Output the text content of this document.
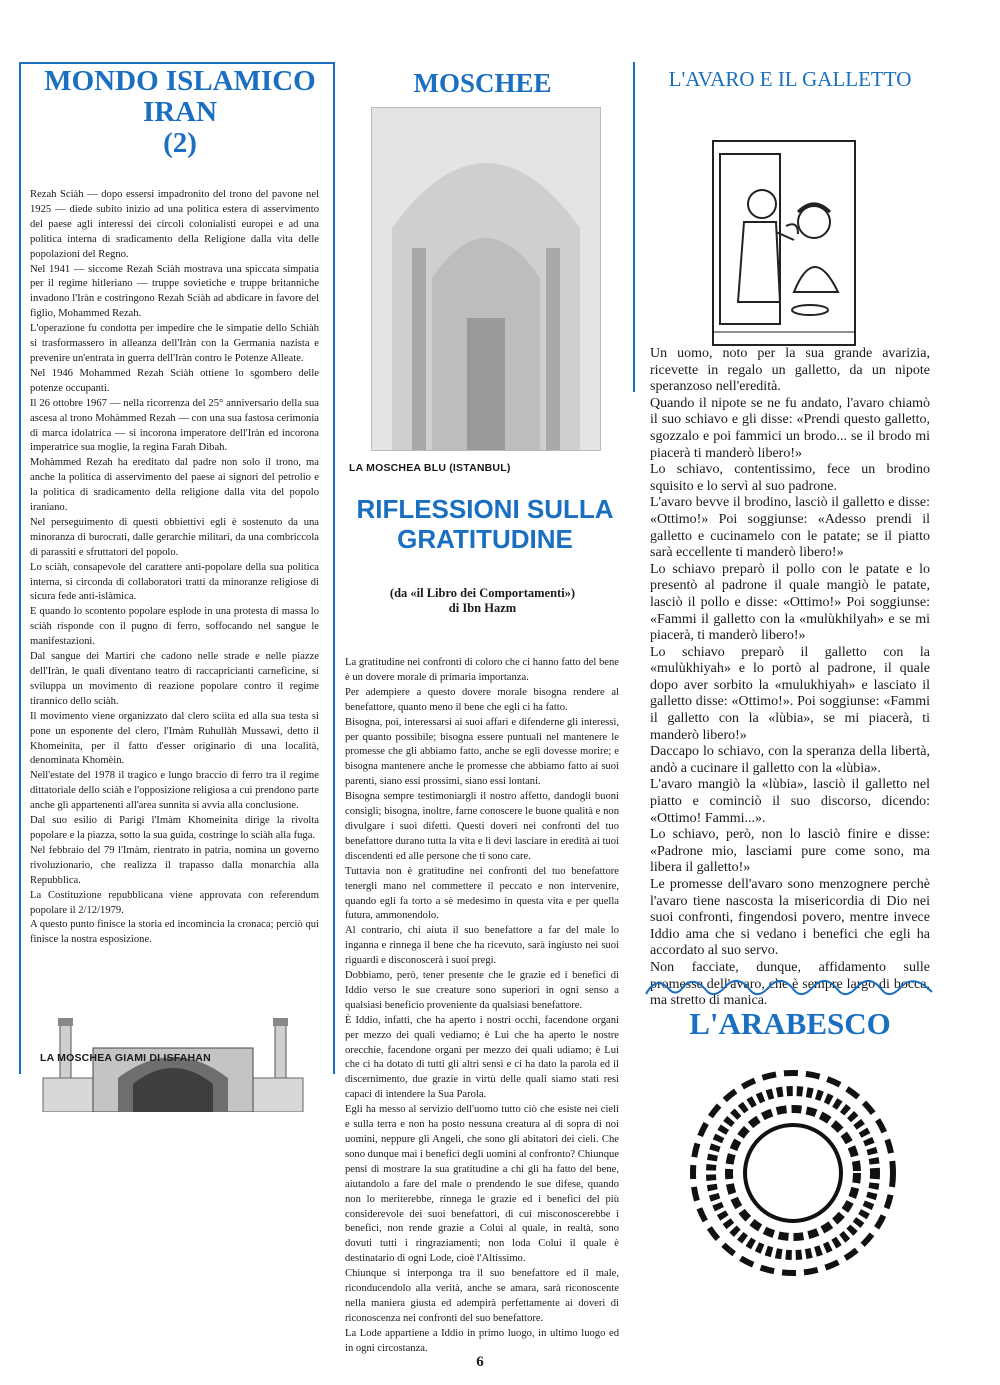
MONDO ISLAMICO
IRAN
(2)

Rezah Sciàh — dopo essersi impadronito del trono del pavone nel 1925 — diede subito inizio ad una politica estera di asservimento del paese agli interessi dei circoli colonialisti europei e ad una politica interna di sradicamento della Religione dalla vita delle popolazioni del Regno.

Nel 1941 — siccome Rezah Sciàh mostrava una spiccata simpatia per il regime hitleriano — truppe sovietiche e truppe britanniche invadono l'Iràn e costringono Rezah Sciàh ad abdicare in favore del figlio, Mohammed Rezah.

L'operazione fu condotta per impedire che le simpatie dello Schiàh si trasformassero in alleanza dell'Iràn con la Germania nazista e prevenire un'entrata in guerra dell'Iràn contro le Potenze Alleate.

Nel 1946 Mohammed Rezah Sciàh ottiene lo sgombero delle potenze occupanti.

Il 26 ottobre 1967 — nella ricorrenza del 25° anniversario della sua ascesa al trono Mohàmmed Rezah — con una sua fastosa cerimonia di marca idolatrica — si incorona imperatore dell'Iràn ed incorona imperatrice sua moglie, la regina Farah Dibah.

Mohàmmed Rezah ha ereditato dal padre non solo il trono, ma anche la politica di asservimento del paese ai signori del petrolio e la politica di sradicamento della religione dalla vita del popolo iraniano.

Nel perseguimento di questi obbiettivi egli è sostenuto da una minoranza di burocrati, dalle gerarchie militari, da una combriccola di parassiti e sfruttatori del popolo.

Lo sciàh, consapevole del carattere anti-popolare della sua politica interna, si circonda di collaboratori tratti da minoranze religiose di sicura fede anti-islàmica.

E quando lo scontento popolare esplode in una protesta di massa lo sciàh risponde con il pugno di ferro, soffocando nel sangue le manifestazioni.

Dal sangue dei Martiri che cadono nelle strade e nelle piazze dell'Iràn, le quali diventano teatro di raccapricianti carneficine, si sviluppa un movimento di reazione popolare contro il regime tirannico dello sciàh.

Il movimento viene organizzato dal clero sciita ed alla sua testa si pone un esponente del clero, l'Imàm Ruhullàh Mussawi, detto il Khomeinita, per il fatto d'esser originario di una località, denominata Khomèin.

Nell'estate del 1978 il tragico e lungo braccio di ferro tra il regime dittatoriale dello sciàh e l'opposizione religiosa a cui prendono parte anche gli appartenenti all'area sunnita si avvia alla conclusione.

Dal suo esilio di Parigi l'Imàm Khomeinita dirige la rivolta popolare e la piazza, sotto la sua guida, costringe lo sciàh alla fuga.

Nel febbraio del 79 l'Imàm, rientrato in patria, nomina un governo rivoluzionario, che realizza il trapasso dalla monarchia alla Repubblica.

La Costituzione repubblicana viene approvata con referendum popolare il 2/12/1979.

A questo punto finisce la storia ed incomincia la cronaca; perciò qui finisce la nostra esposizione.

LA MOSCHEA GIAMI DI ISFAHAN
MOSCHEE
LA MOSCHEA BLU (ISTANBUL)
RIFLESSIONI SULLA
GRATITUDINE
(da «il Libro dei Comportamenti»)
di Ibn Hazm

La gratitudine nei confronti di coloro che ci hanno fatto del bene è un dovere morale di primaria importanza.

Per adempiere a questo dovere morale bisogna rendere al benefattore, quanto meno il bene che egli ci ha fatto.

Bisogna, poi, interessarsi ai suoi affari e difenderne gli interessi, per quanto possibile; bisogna essere puntuali nel mantenere le promesse che gli abbiamo fatto, anche se egli dovesse morire; e bisogna mantenere anche le promesse che abbiamo fatto ai suoi parenti, siano essi prossimi, siano essi lontani.

Bisogna sempre testimoniargli il nostro affetto, dandogli buoni consigli; bisogna, inoltre, farne conoscere le buone qualità e non divulgare i suoi difetti. Questi doveri nei confronti del tuo benefattore durano tutta la vita e li devi lasciare in eredità ai tuoi discendenti ed alle persone che ti sono care.

Tuttavia non è gratitudine nei confronti del tuo benefattore tenergli mano nel commettere il peccato e non intervenire, quando egli fa torto a sè medesimo in questa vita e per quella futura, ammonendolo.

Al contrario, chi aiuta il suo benefattore a far del male lo inganna e rinnega il bene che ha ricevuto, sarà ingiusto nei suoi riguardi e disconoscerà i suoi pregi.

Dobbiamo, però, tener presente che le grazie ed i benefici di Iddio verso le sue creature sono superiori in ogni senso a qualsiasi beneficio proveniente da qualsiasi benefattore.

È Iddio, infatti, che ha aperto i nostri occhi, facendone organi per mezzo dei quali vediamo; è Lui che ha aperto le nostre orecchie, facendone organi per mezzo dei quali udiamo; è Lui che ci ha dotato di tutti gli altri sensi e ci ha dato la parola ed il discernimento, due grazie in virtù delle quali siamo stati resi capaci di intendere la Sua Parola.

Egli ha messo al servizio dell'uomo tutto ciò che esiste nei cieli e sulla terra e non ha posto nessuna creatura al di sopra di noi uomini, neppure gli Angeli, che sono gli abitatori dei cieli. Che sono dunque mai i benefici degli uomini al confronto? Chiunque pensi di mostrare la sua gratitudine a chi gli ha fatto del bene, aiutandolo a fare del male o prendendo le sue difese, quando non lo meriterebbe, rinnega le grazie ed i benefici del più considerevole dei suoi benefattori, di cui misconoscerebbe i benefici, non rende grazie a Colui al quale, in realtà, sono dovuti tutti i ringraziamenti; non loda Colui il quale è destinatario di ogni Lode, cioè l'Altissimo.

Chiunque si interponga tra il suo benefattore ed il male, riconducendolo alla verità, anche se amara, sarà riconoscente nella maniera giusta ed adempirà perfettamente ai doveri di riconoscenza nei confronti del suo benefattore.

La Lode appartiene a Iddio in primo luogo, in ultimo luogo ed in ogni circostanza.

L'AVARO E IL GALLETTO

Un uomo, noto per la sua grande avarizia, ricevette in regalo un galletto, da un nipote speranzoso nell'eredità.

Quando il nipote se ne fu andato, l'avaro chiamò il suo schiavo e gli disse: «Prendi questo galletto, sgozzalo e poi fammici un brodo... se il brodo mi piacerà ti manderò libero!»

Lo schiavo, contentissimo, fece un brodino squisito e lo servì al suo padrone.

L'avaro bevve il brodino, lasciò il galletto e disse: «Ottimo!» Poi soggiunse: «Adesso prendi il galletto e cucinamelo con le patate; se il piatto sarà eccellente ti manderò libero!»

Lo schiavo preparò il pollo con le patate e lo presentò al padrone il quale mangiò le patate, lasciò il pollo e disse: «Ottimo!» Poi soggiunse: «Fammi il galletto con la «mulùkhilyah» e se mi piacerà, ti manderò libero!»

Lo schiavo preparò il galletto con la «mulùkhiyah» e lo portò al padrone, il quale dopo aver sorbito la «mulukhiyah» e lasciato il galletto disse: «Ottimo!». Poi soggiunse: «Fammi il galletto con la «lùbia», se mi piacerà, ti manderò libero!»

Daccapo lo schiavo, con la speranza della libertà, andò a cucinare il galletto con la «lùbia».

L'avaro mangiò la «lùbia», lasciò il galletto nel piatto e cominciò il suo discorso, dicendo: «Ottimo! Fammi...».

Lo schiavo, però, non lo lasciò finire e disse: «Padrone mio, lasciami pure come sono, ma libera il galletto!»

Le promesse dell'avaro sono menzognere perchè l'avaro tiene nascosta la misericordia di Dio nei suoi confronti, fingendosi povero, mentre invece Iddio ama che si vedano i benefici che egli ha accordato al suo servo.

Non facciate, dunque, affidamento sulle promesse dell'avaro, che è sempre largo di bocca, ma stretto di manica.

L'ARABESCO
6
